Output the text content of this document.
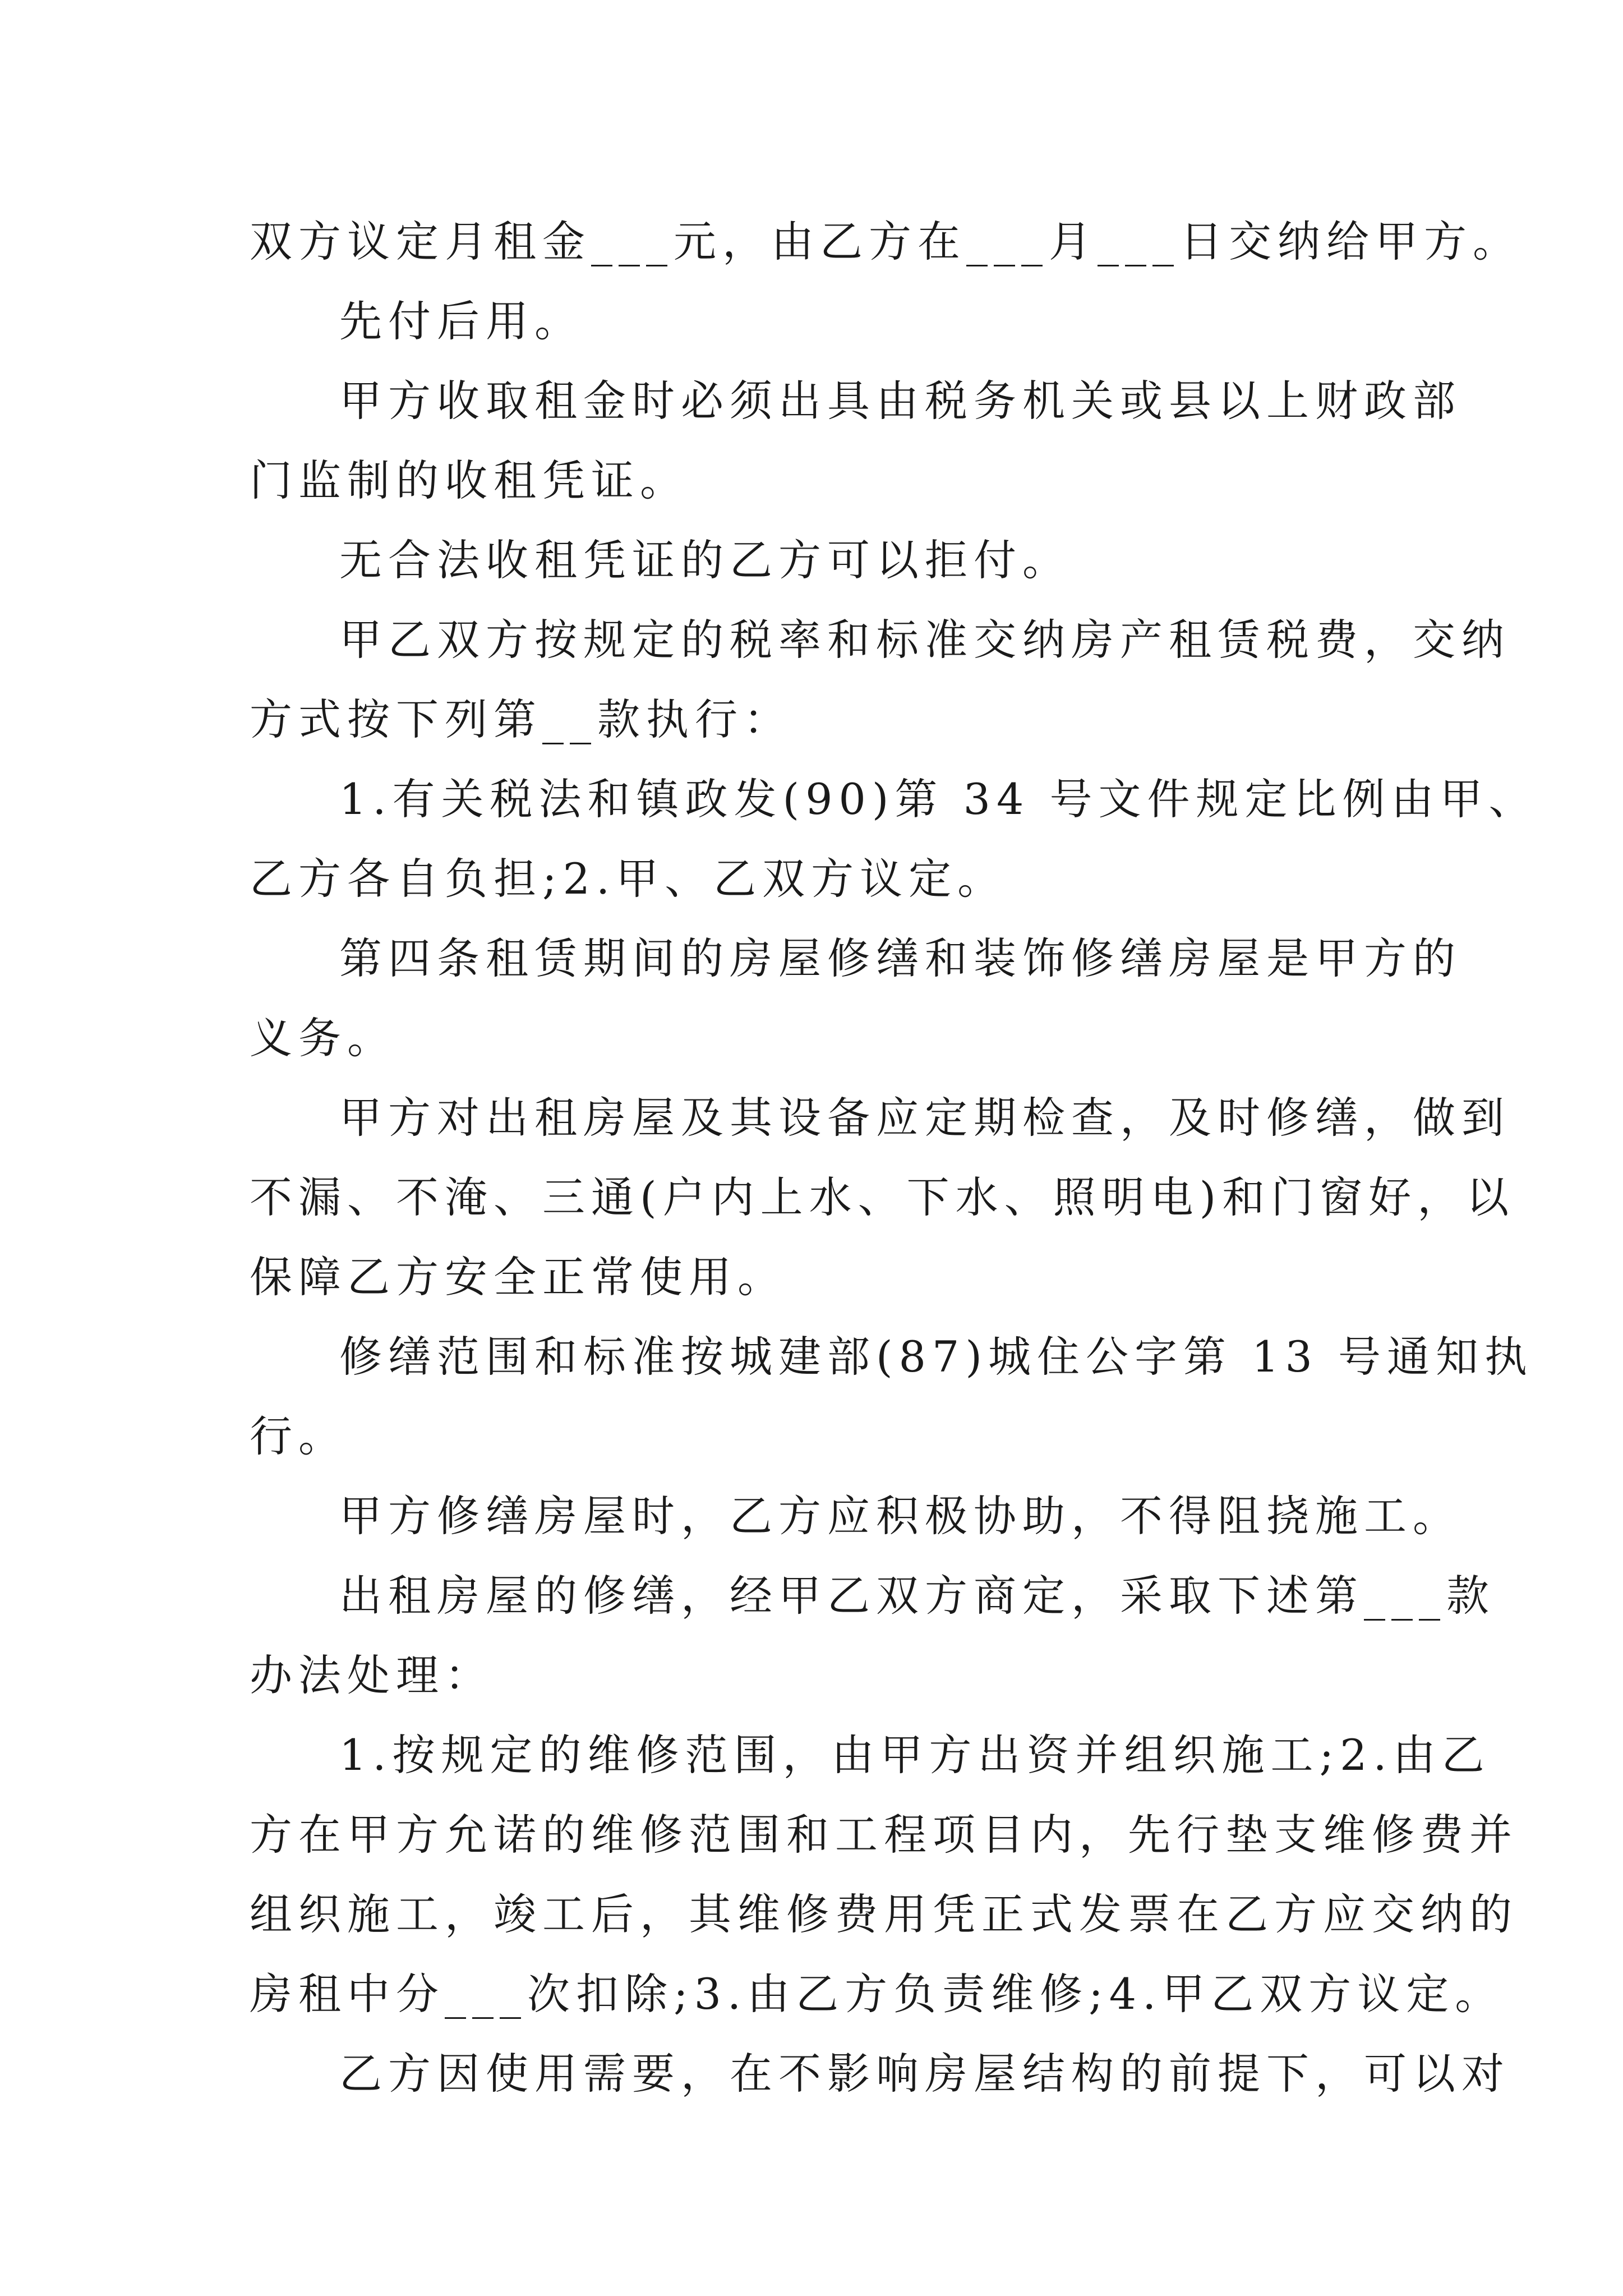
双方议定月租金___元，由乙方在___月___日交纳给甲方。
先付后用。
甲方收取租金时必须出具由税务机关或县以上财政部
门监制的收租凭证。
无合法收租凭证的乙方可以拒付。
甲乙双方按规定的税率和标准交纳房产租赁税费，交纳
方式按下列第__款执行：
1.有关税法和镇政发(90)第 34 号文件规定比例由甲、
乙方各自负担;2.甲、乙双方议定。
第四条租赁期间的房屋修缮和装饰修缮房屋是甲方的
义务。
甲方对出租房屋及其设备应定期检查，及时修缮，做到
不漏、不淹、三通(户内上水、下水、照明电)和门窗好，以
保障乙方安全正常使用。
修缮范围和标准按城建部(87)城住公字第 13 号通知执
行。
甲方修缮房屋时，乙方应积极协助，不得阻挠施工。
出租房屋的修缮，经甲乙双方商定，采取下述第___款
办法处理：
1.按规定的维修范围，由甲方出资并组织施工;2.由乙
方在甲方允诺的维修范围和工程项目内，先行垫支维修费并
组织施工，竣工后，其维修费用凭正式发票在乙方应交纳的
房租中分___次扣除;3.由乙方负责维修;4.甲乙双方议定。
乙方因使用需要，在不影响房屋结构的前提下，可以对
